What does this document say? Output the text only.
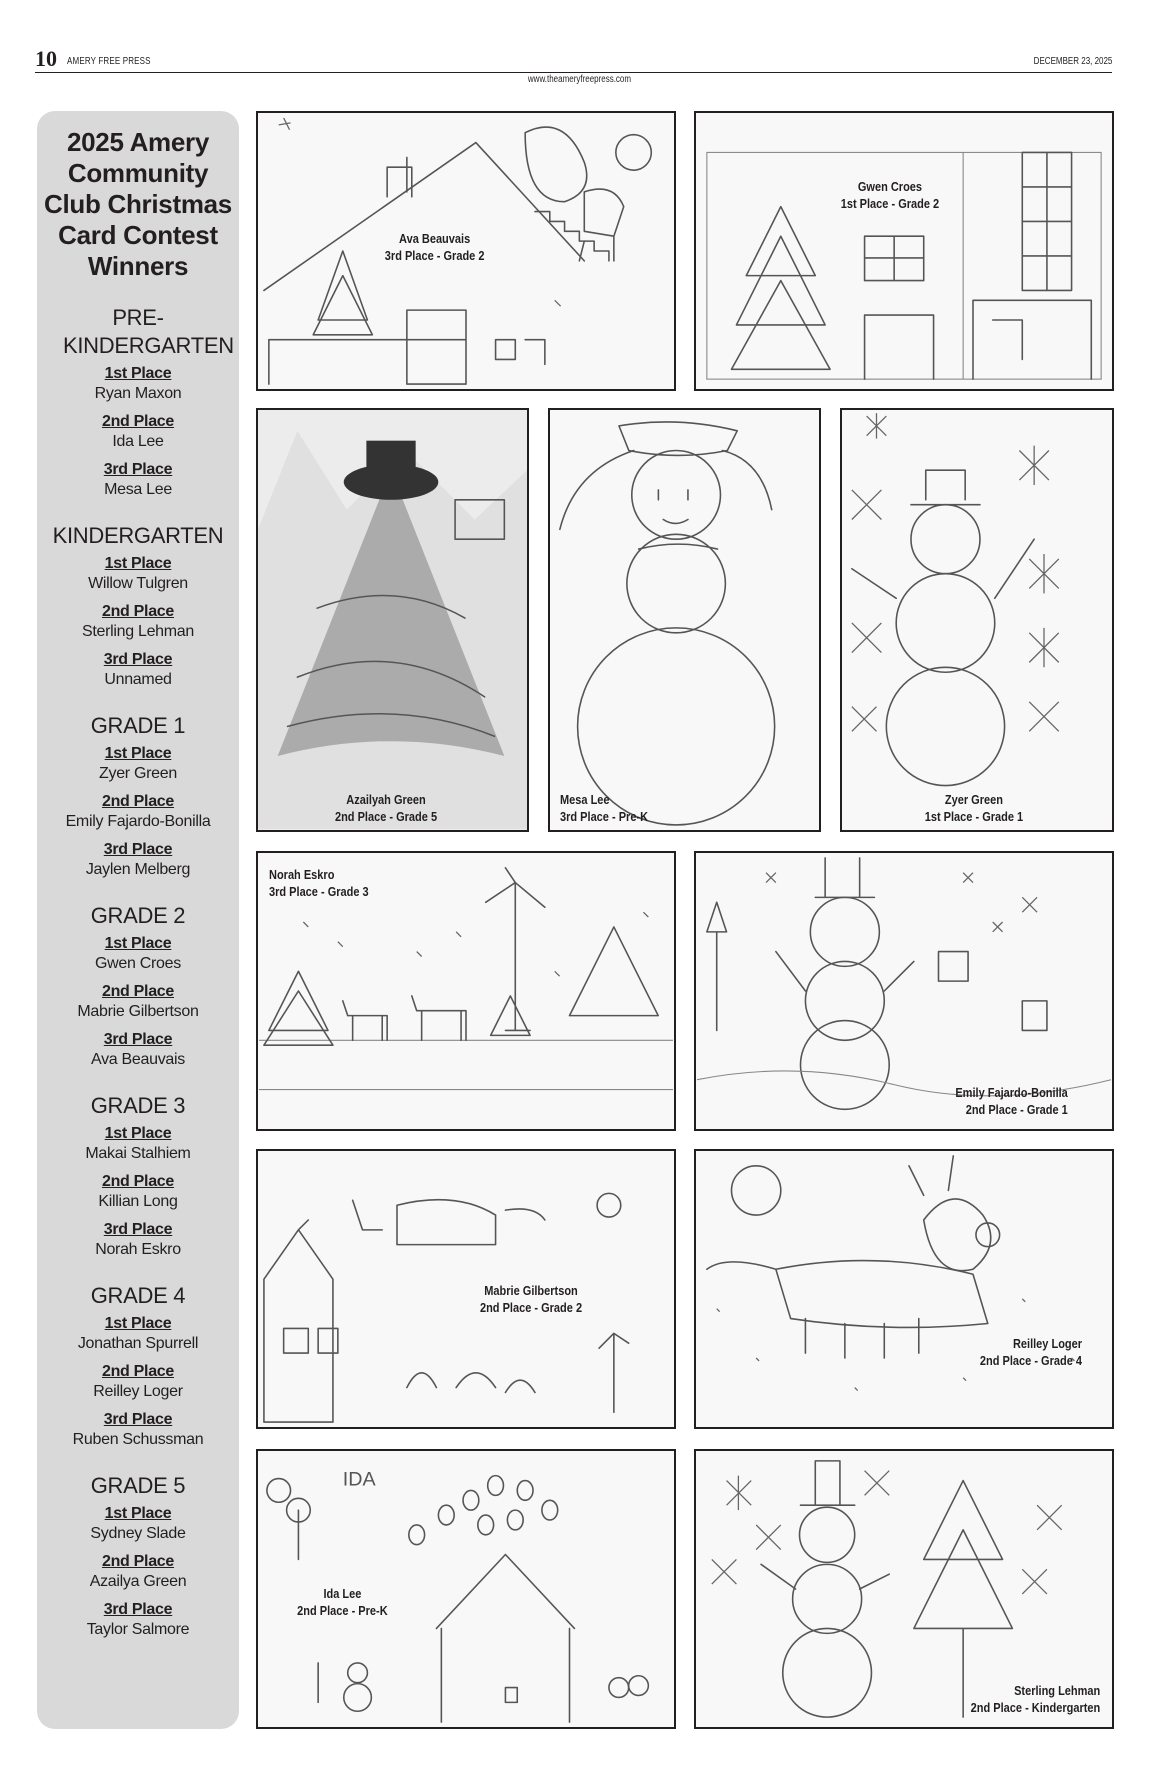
10 AMERY FREE PRESS	DECEMBER 23, 2025
www.theameryfreepress.com
2025 Amery Community Club Christmas Card Contest Winners
PRE-KINDERGARTEN
1st Place
Ryan Maxon
2nd Place
Ida Lee
3rd Place
Mesa Lee
KINDERGARTEN
1st Place
Willow Tulgren
2nd Place
Sterling Lehman
3rd Place
Unnamed
GRADE 1
1st Place
Zyer Green
2nd Place
Emily Fajardo-Bonilla
3rd Place
Jaylen Melberg
GRADE 2
1st Place
Gwen Croes
2nd Place
Mabrie Gilbertson
3rd Place
Ava Beauvais
GRADE 3
1st Place
Makai Stalhiem
2nd Place
Killian Long
3rd Place
Norah Eskro
GRADE 4
1st Place
Jonathan Spurrell
2nd Place
Reilley Loger
3rd Place
Ruben Schussman
GRADE 5
1st Place
Sydney Slade
2nd Place
Azailya Green
3rd Place
Taylor Salmore
Ava Beauvais
3rd Place - Grade 2
Gwen Croes
1st Place - Grade 2
Azailyah Green
2nd Place - Grade 5
Mesa Lee
3rd Place - Pre-K
Zyer Green
1st Place - Grade 1
Norah Eskro
3rd Place - Grade 3
Emily Fajardo-Bonilla
2nd Place - Grade 1
Mabrie Gilbertson
2nd Place - Grade 2
Reilley Loger
2nd Place - Grade 4
IDA
Ida Lee
2nd Place - Pre-K
Sterling Lehman
2nd Place - Kindergarten
